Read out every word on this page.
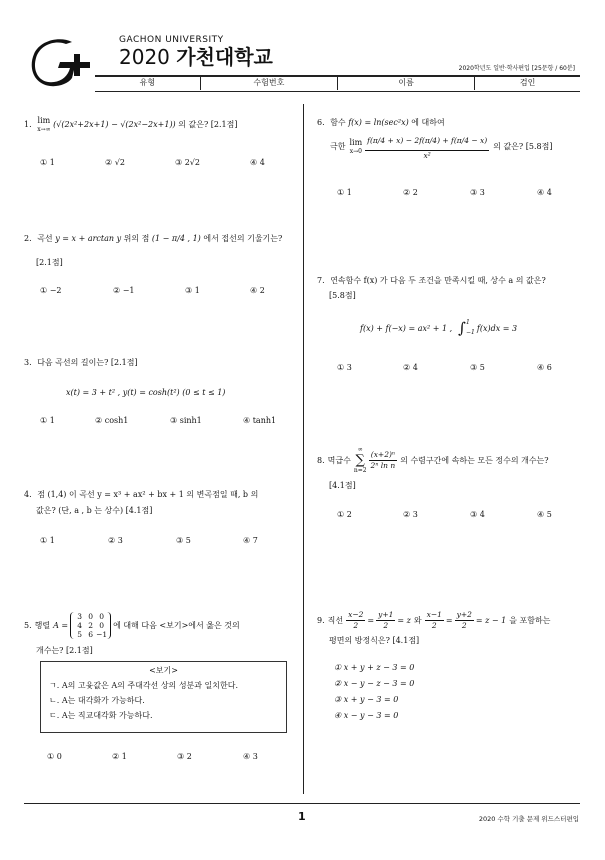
GACHON UNIVERSITY
2020 가천대학교	2020학년도 일반·학사편입 [25문항 / 60분]
유형	수험번호	이름	검인
1. lim
x→∞
(√(2x²+2x+1) − √(2x²−2x+1)) 의 값은? [2.1점]
① 1	② √2	③ 2√2	④ 4
2. 곡선 y = x + arctan y 위의 점 (1 − π/4 , 1) 에서 접선의 기울기는?
[2.1점]
① −2	② −1	③ 1	④ 2
3. 다음 곡선의 길이는? [2.1점]
x(t) = 3 + t² , y(t) = cosh(t²) (0 ≤ t ≤ 1)
① 1	② cosh1	③ sinh1	④ tanh1
4. 점 (1,4) 이 곡선 y = x³ + ax² + bx + 1 의 변곡점일 때, b 의
값은? (단, a , b 는 상수) [4.1점]
① 1	② 3	③ 5	④ 7
5. 행렬 A =
3 0 0
4 2 0
5 6 −1
에 대해 다음 <보기>에서 옳은 것의
개수는? [2.1점]
<보기>
ㄱ. A의 고윳값은 A의 주대각선 상의 성분과 일치한다.
ㄴ. A는 대각화가 가능하다.
ㄷ. A는 직교대각화 가능하다.
① 0	② 1	③ 2	④ 3
6. 함수 f(x) = ln(sec²x) 에 대하여
극한 lim
$x\to 0 \frac{f(\pi/4 + x) - 2f(\pi/4) + f(\pi/4 - x)}{\text{x²}}$ 의 값은? [5.8점]
① 1	② 2	③ 3	④ 4
7. 연속함수 f(x) 가 다음 두 조건을 만족시킬 때, 상수 a 의 값은?
[5.8점]
f(x) + f(−x) = ax² + 1 , ∫ 1
−1 f(x)dx = 3
① 3	② 4	③ 5	④ 6
8. 멱급수
∞
∑
$n=2 \frac{\text{(x+2)ⁿ}}{\text{2ⁿ ln n}}$ 의 수렴구간에 속하는 모든 정수의 개수는?
[4.1점]
① 2	② 3	③ 4	④ 5
9. 직선 $\frac{x-2}{2} = \frac{y+1}{2} = z$ 와 $\frac{x-1}{2} = \frac{y+2}{2} = z - 1$ 을 포함하는
평면의 방정식은? [4.1점]
① x + y + z − 3 = 0
② x − y − z − 3 = 0
③ x + y − 3 = 0
④ x − y − 3 = 0
1	2020 수학 기출 문제 위드스터편입
